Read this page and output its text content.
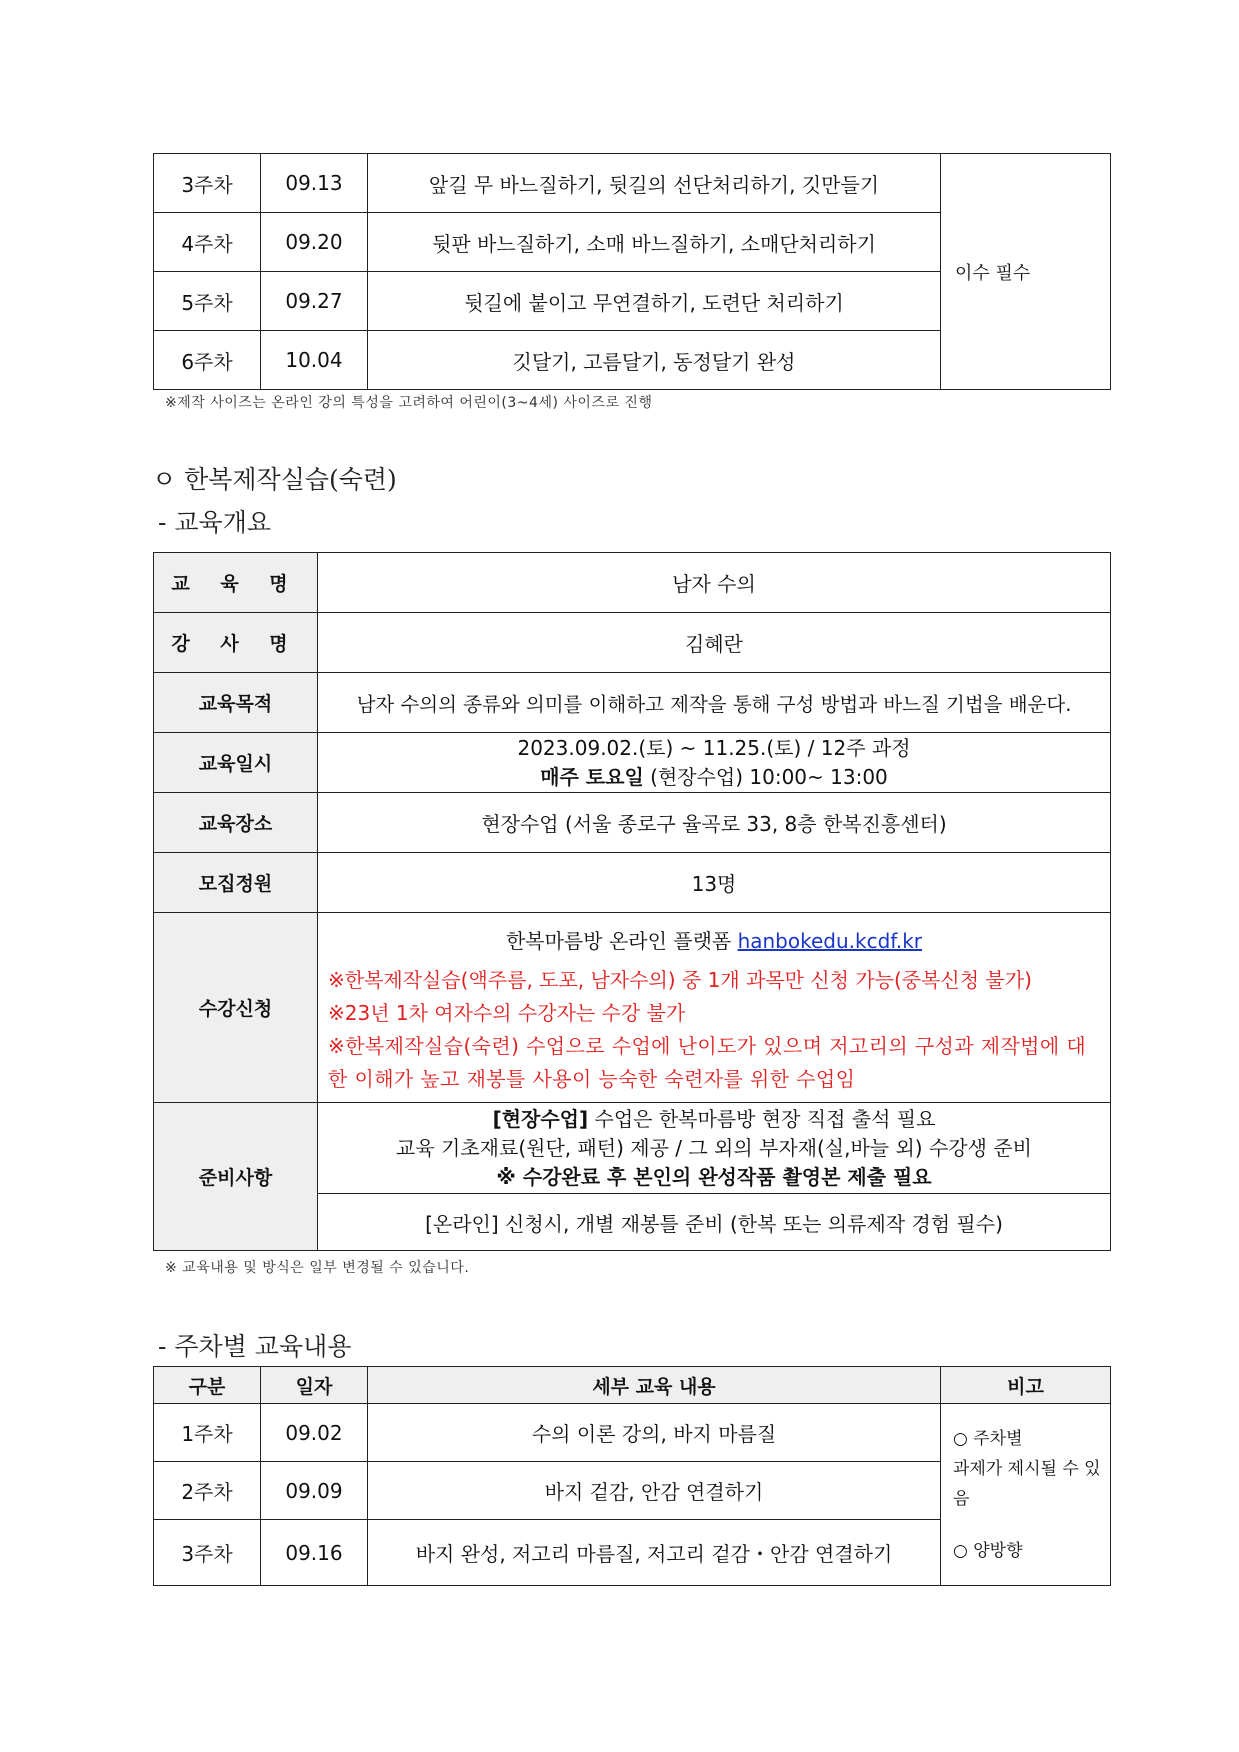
3주차	09.13	앞길 무 바느질하기, 뒷길의 선단처리하기, 깃만들기	이수 필수
4주차	09.20	뒷판 바느질하기, 소매 바느질하기, 소매단처리하기	
5주차	09.27	뒷길에 붙이고 무연결하기, 도련단 처리하기	
6주차	10.04	깃달기, 고름달기, 동정달기 완성	
※제작 사이즈는 온라인 강의 특성을 고려하여 어린이(3~4세) 사이즈로 진행
ㅇ 한복제작실습(숙련)
- 교육개요
교 육 명	남자 수의
강 사 명	김혜란
교육목적	남자 수의의 종류와 의미를 이해하고 제작을 통해 구성 방법과 바느질 기법을 배운다.
교육일시	2023.09.02.(토) ~ 11.25.(토) / 12주 과정
매주 토요일 (현장수업) 10:00~ 13:00

교육장소	현장수업 (서울 종로구 율곡로 33, 8층 한복진흥센터)
모집정원	13명
수강신청	한복마름방 온라인 플랫폼 hanbokedu.kcdf.kr
※한복제작실습(액주름, 도포, 남자수의) 중 1개 과목만 신청 가능(중복신청 불가)
※23년 1차 여자수의 수강자는 수강 불가
※한복제작실습(숙련) 수업으로 수업에 난이도가 있으며 저고리의 구성과 제작법에 대한 이해가 높고 재봉틀 사용이 능숙한 숙련자를 위한 수업임

준비사항	[현장수업] 수업은 한복마름방 현장 직접 출석 필요
교육 기초재료(원단, 패턴) 제공 / 그 외의 부자재(실,바늘 외) 수강생 준비
※ 수강완료 후 본인의 완성작품 촬영본 제출 필요

	[온라인] 신청시, 개별 재봉틀 준비 (한복 또는 의류제작 경험 필수)
※ 교육내용 및 방식은 일부 변경될 수 있습니다.
- 주차별 교육내용
구분	일자	세부 교육 내용	비고
1주차	09.02	수의 이론 강의, 바지 마름질	○ 주차별
과제가 제시될 수 있음
○ 양방향

2주차	09.09	바지 겉감, 안감 연결하기	
3주차	09.16	바지 완성, 저고리 마름질, 저고리 겉감・안감 연결하기	
